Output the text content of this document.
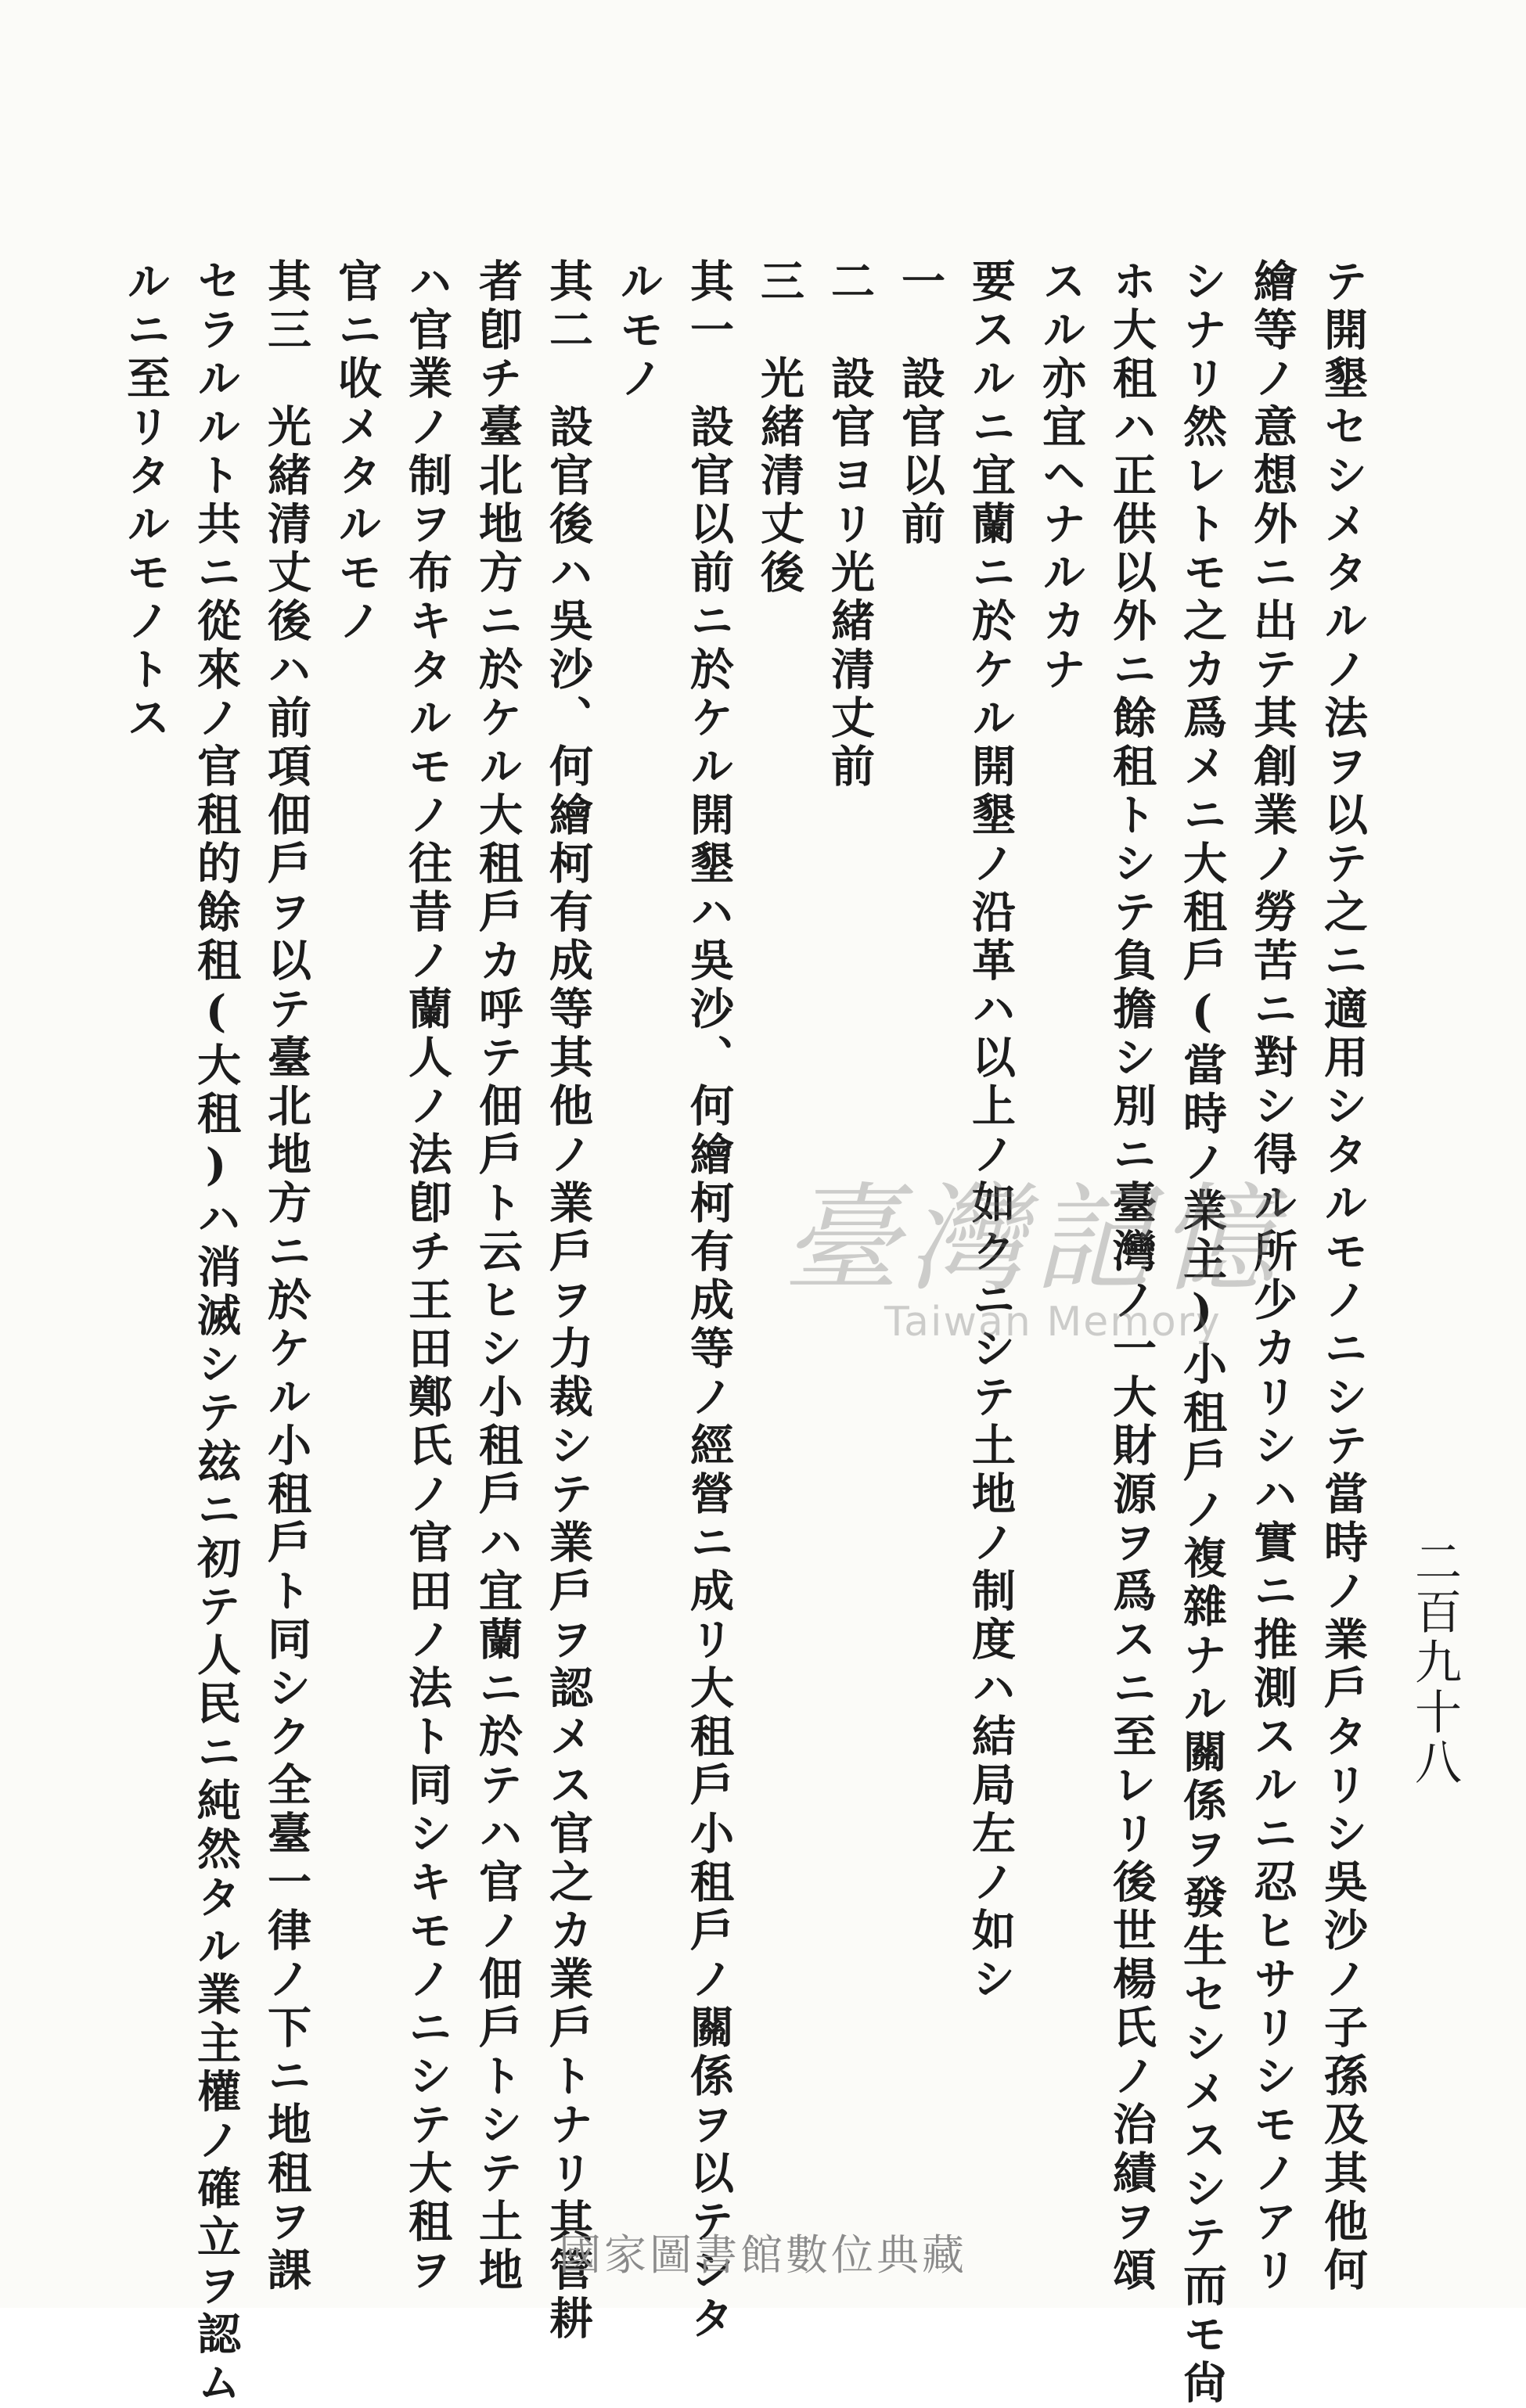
二百九十八
テ開墾セシメタルノ法ヲ以テ之ニ適用シタルモノニシテ當時ノ業戶タリシ吳沙ノ子孫及其他何
繪等ノ意想外ニ出テ其創業ノ勞苦ニ對シ得ル所少カリシハ實ニ推測スルニ忍ヒサリシモノアリ
シナリ然レトモ之カ爲メニ大租戶(當時ノ業主)小租戶ノ複雜ナル關係ヲ發生セシメスシテ而モ尙
ホ大租ハ正供以外ニ餘租トシテ負擔シ別ニ臺灣ノ一大財源ヲ爲スニ至レリ後世楊氏ノ治績ヲ頌
スル亦宜ヘナルカナ
要スルニ宜蘭ニ於ケル開墾ノ沿革ハ以上ノ如クニシテ土地ノ制度ハ結局左ノ如シ
一　設官以前
二　設官ヨリ光緒清丈前
三　光緒清丈後
其一　設官以前ニ於ケル開墾ハ吳沙、何繪柯有成等ノ經營ニ成リ大租戶小租戶ノ關係ヲ以テシタ
ルモノ
其二　設官後ハ吳沙、何繪柯有成等其他ノ業戶ヲ力裁シテ業戶ヲ認メス官之カ業戶トナリ其管耕
者卽チ臺北地方ニ於ケル大租戶カ呼テ佃戶ト云ヒシ小租戶ハ宜蘭ニ於テハ官ノ佃戶トシテ土地
ハ官業ノ制ヲ布キタルモノ往昔ノ蘭人ノ法卽チ王田鄭氏ノ官田ノ法ト同シキモノニシテ大租ヲ
官ニ收メタルモノ
其三　光緒清丈後ハ前項佃戶ヲ以テ臺北地方ニ於ケル小租戶ト同シク全臺一律ノ下ニ地租ヲ課
セラルルト共ニ從來ノ官租的餘租(大租)ハ消滅シテ玆ニ初テ人民ニ純然タル業主權ノ確立ヲ認ム
ルニ至リタルモノトス
臺灣記憶
Taiwan Memory
國家圖書館數位典藏
